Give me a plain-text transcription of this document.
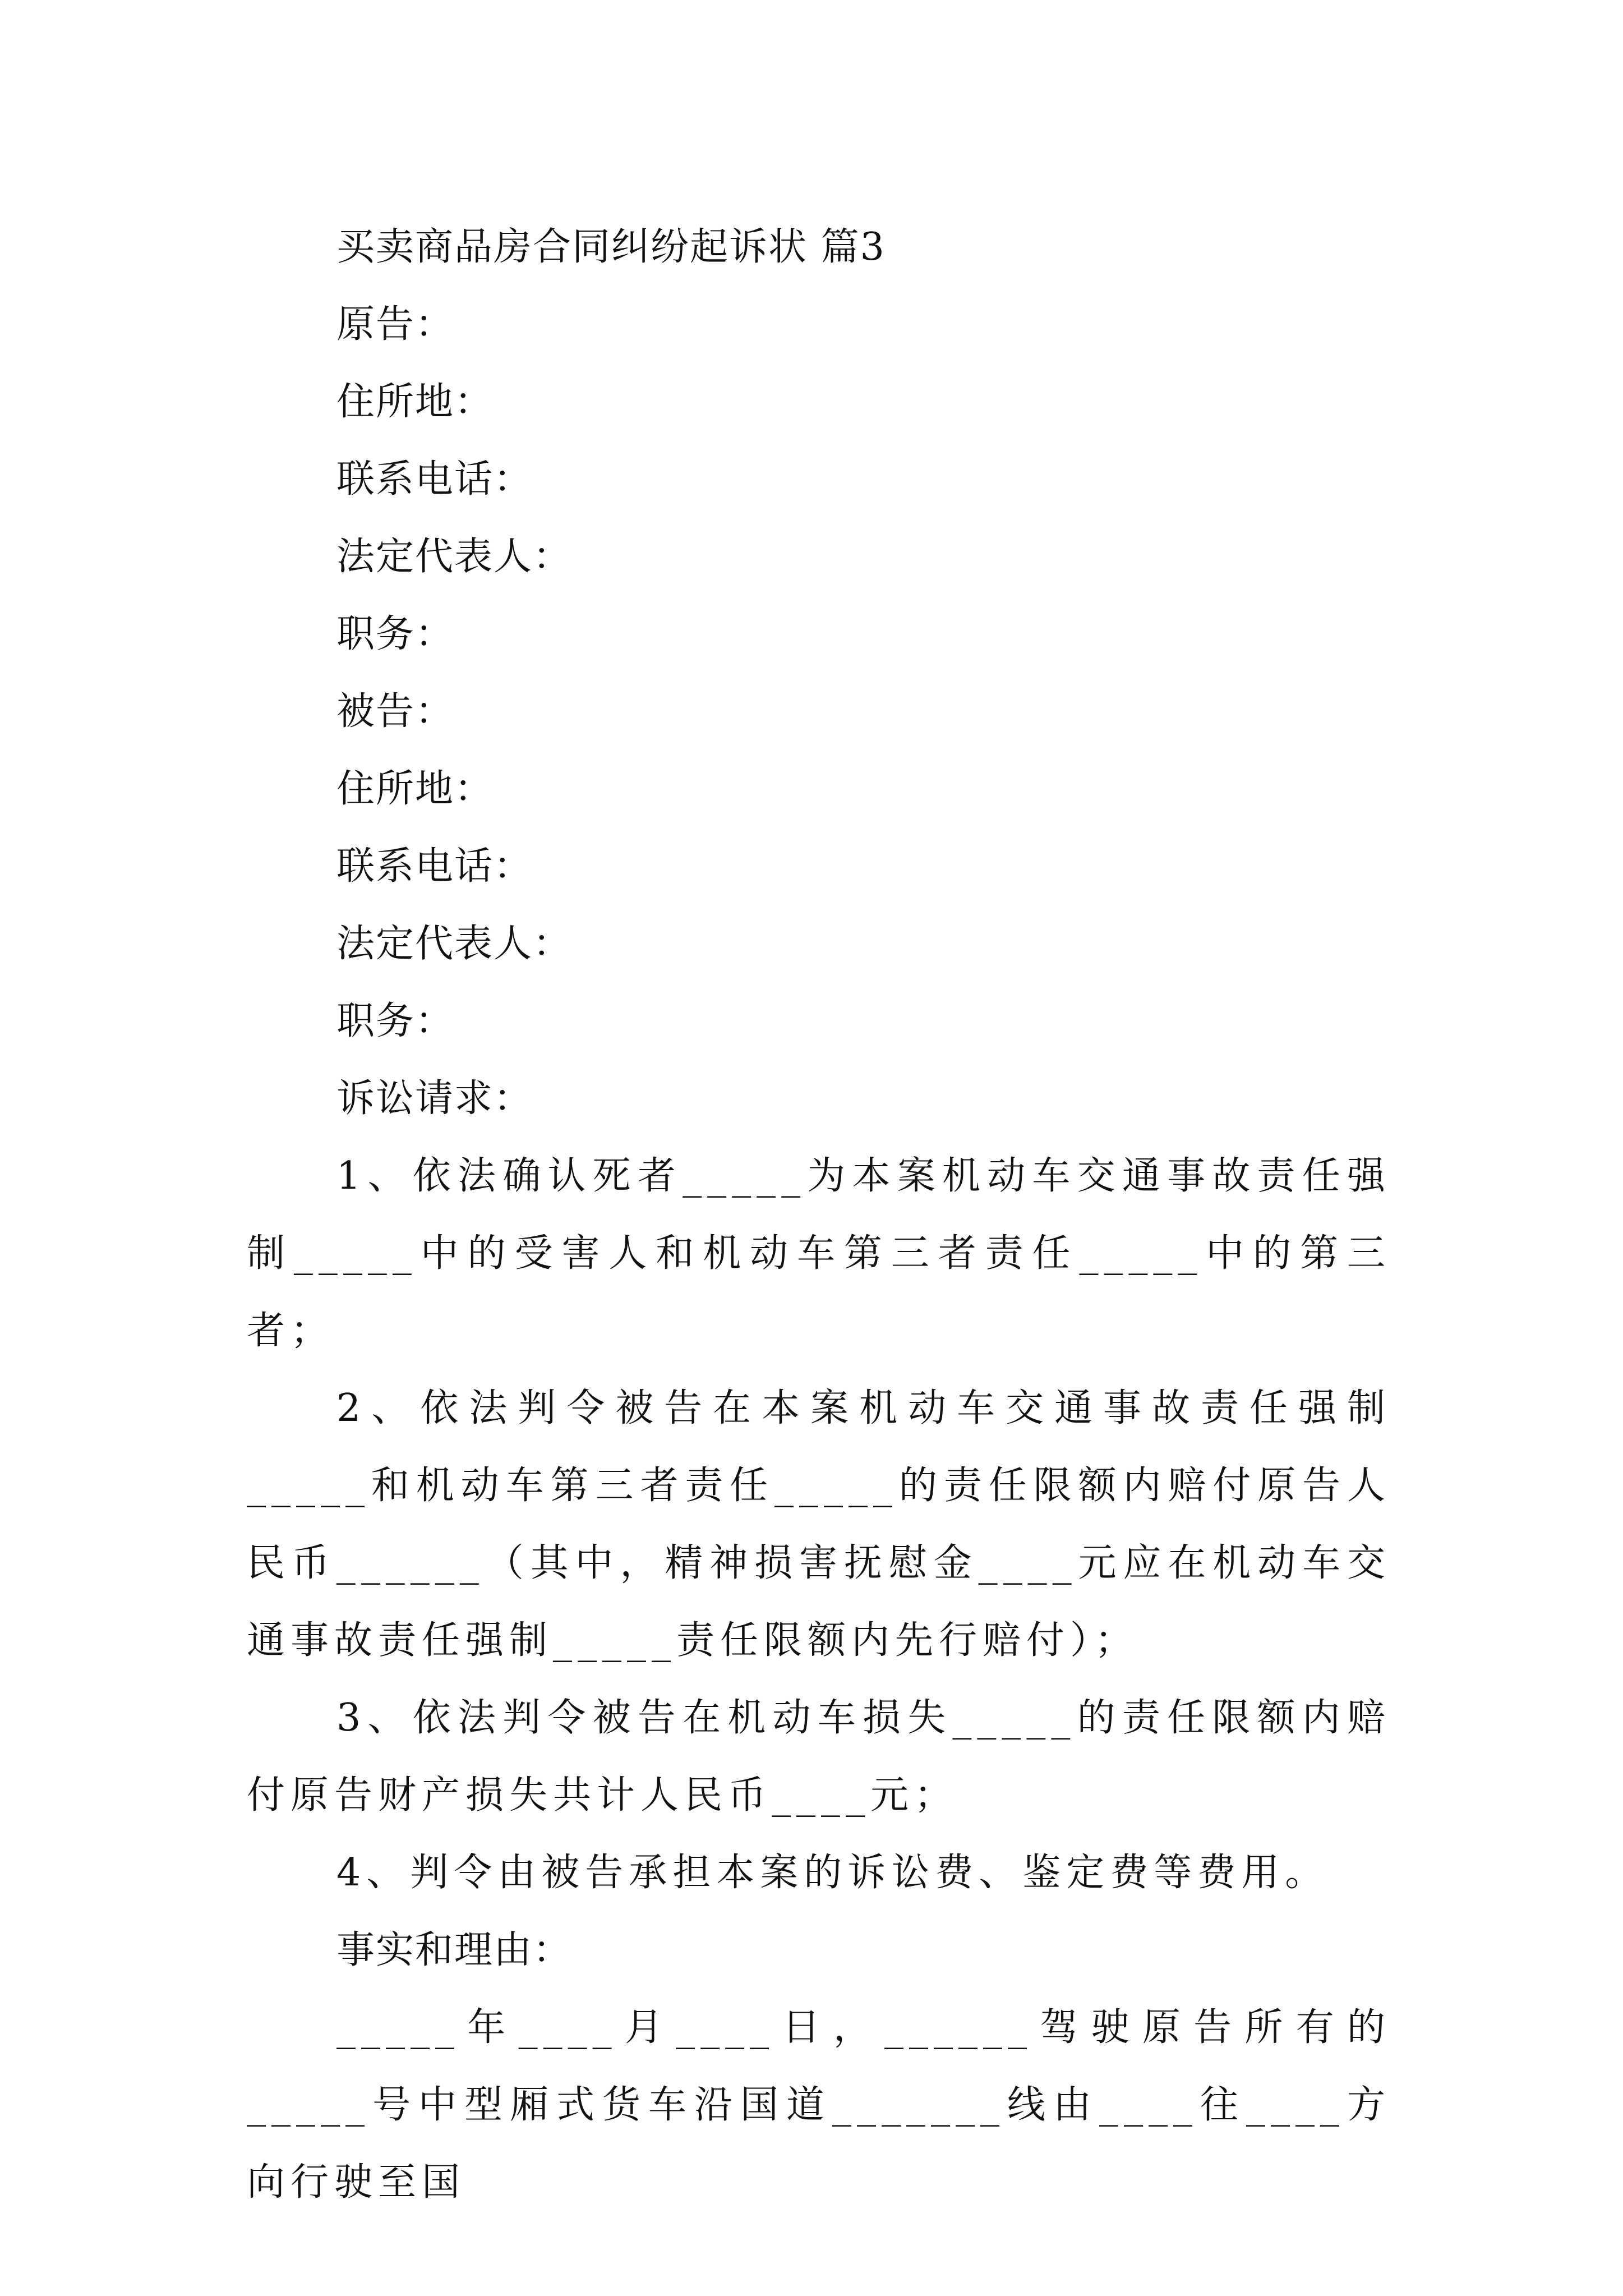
买卖商品房合同纠纷起诉状 篇3
原告：
住所地：
联系电话：
法定代表人：
职务：
被告：
住所地：
联系电话：
法定代表人：
职务：
诉讼请求：

1、依法确认死者_____为本案机动车交通事故责任强制_____中的受害人和机动车第三者责任_____中的第三者；

2、依法判令被告在本案机动车交通事故责任强制_____和机动车第三者责任_____的责任限额内赔付原告人民币______（其中，精神损害抚慰金____元应在机动车交通事故责任强制_____责任限额内先行赔付）；

3、依法判令被告在机动车损失_____的责任限额内赔付原告财产损失共计人民币____元；

4、判令由被告承担本案的诉讼费、鉴定费等费用。

事实和理由：

_____年____月____日，______驾驶原告所有的_____号中型厢式货车沿国道_______线由____往____方向行驶至国
